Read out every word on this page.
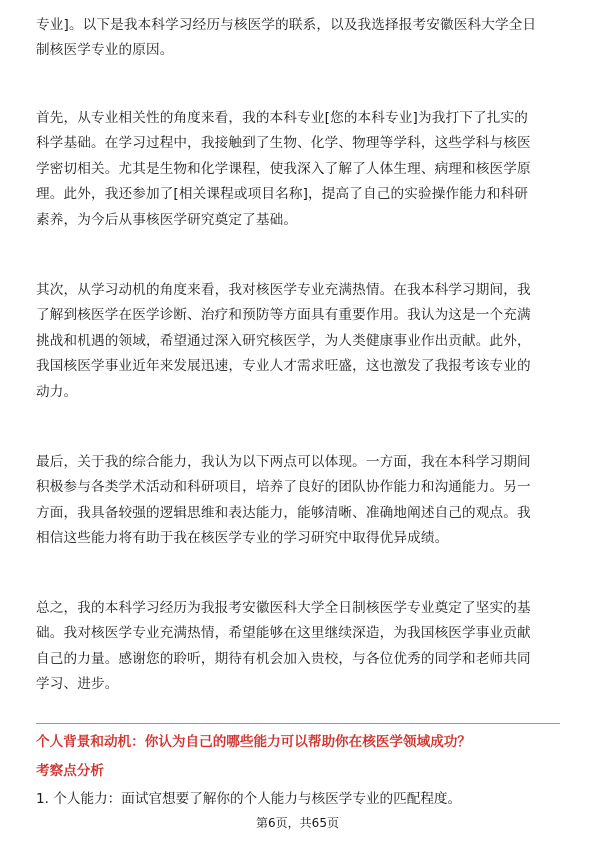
专业]。以下是我本科学习经历与核医学的联系，以及我选择报考安徽医科大学全日

制核医学专业的原因。

首先，从专业相关性的角度来看，我的本科专业[您的本科专业]为我打下了扎实的

科学基础。在学习过程中，我接触到了生物、化学、物理等学科，这些学科与核医

学密切相关。尤其是生物和化学课程，使我深入了解了人体生理、病理和核医学原

理。此外，我还参加了[相关课程或项目名称]，提高了自己的实验操作能力和科研

素养，为今后从事核医学研究奠定了基础。

其次，从学习动机的角度来看，我对核医学专业充满热情。在我本科学习期间，我

了解到核医学在医学诊断、治疗和预防等方面具有重要作用。我认为这是一个充满

挑战和机遇的领域，希望通过深入研究核医学，为人类健康事业作出贡献。此外，

我国核医学事业近年来发展迅速，专业人才需求旺盛，这也激发了我报考该专业的

动力。

最后，关于我的综合能力，我认为以下两点可以体现。一方面，我在本科学习期间

积极参与各类学术活动和科研项目，培养了良好的团队协作能力和沟通能力。另一

方面，我具备较强的逻辑思维和表达能力，能够清晰、准确地阐述自己的观点。我

相信这些能力将有助于我在核医学专业的学习研究中取得优异成绩。

总之，我的本科学习经历为我报考安徽医科大学全日制核医学专业奠定了坚实的基

础。我对核医学专业充满热情，希望能够在这里继续深造，为我国核医学事业贡献

自己的力量。感谢您的聆听，期待有机会加入贵校，与各位优秀的同学和老师共同

学习、进步。

个人背景和动机：你认为自己的哪些能力可以帮助你在核医学领域成功？
考察点分析
1. 个人能力：面试官想要了解你的个人能力与核医学专业的匹配程度。
第6页，共65页
